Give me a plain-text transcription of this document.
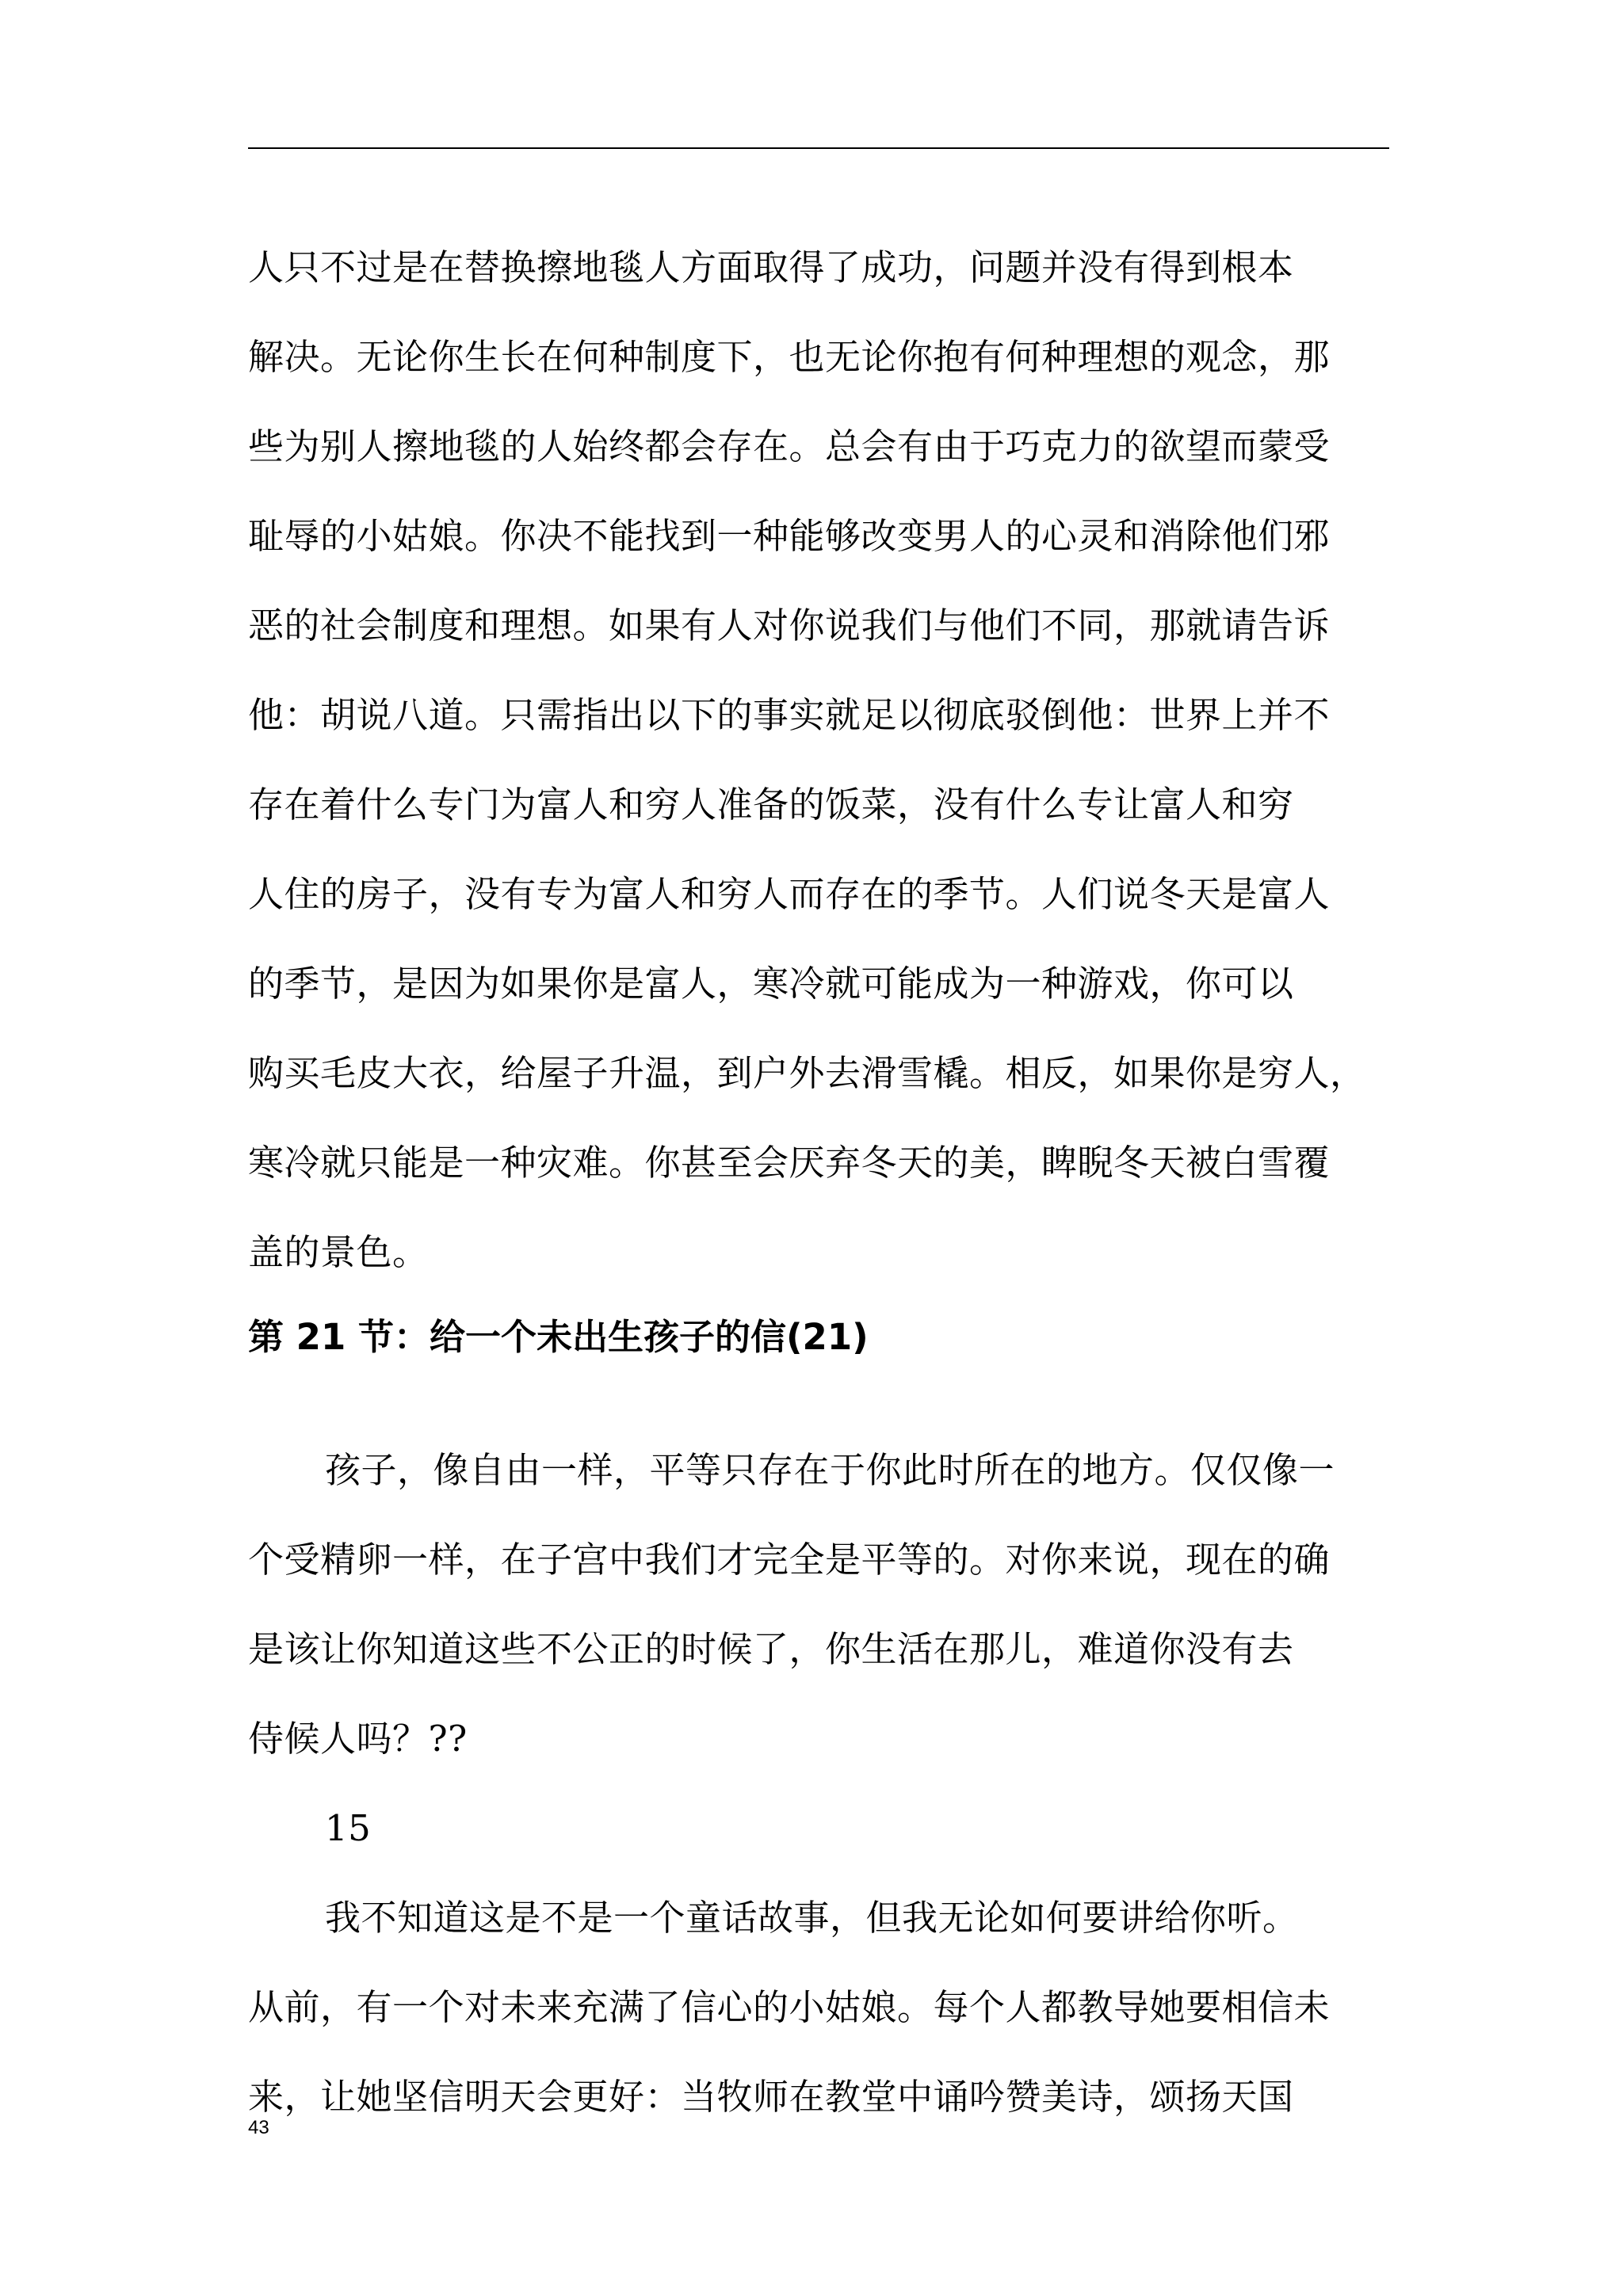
人只不过是在替换擦地毯人方面取得了成功，问题并没有得到根本
解决。无论你生长在何种制度下，也无论你抱有何种理想的观念，那
些为别人擦地毯的人始终都会存在。总会有由于巧克力的欲望而蒙受
耻辱的小姑娘。你决不能找到一种能够改变男人的心灵和消除他们邪
恶的社会制度和理想。如果有人对你说我们与他们不同，那就请告诉
他：胡说八道。只需指出以下的事实就足以彻底驳倒他：世界上并不
存在着什么专门为富人和穷人准备的饭菜，没有什么专让富人和穷
人住的房子，没有专为富人和穷人而存在的季节。人们说冬天是富人
的季节，是因为如果你是富人，寒冷就可能成为一种游戏，你可以
购买毛皮大衣，给屋子升温，到户外去滑雪橇。相反，如果你是穷人，
寒冷就只能是一种灾难。你甚至会厌弃冬天的美，睥睨冬天被白雪覆
盖的景色。
第 21 节：给一个未出生孩子的信(21)
孩子，像自由一样，平等只存在于你此时所在的地方。仅仅像一
个受精卵一样，在子宫中我们才完全是平等的。对你来说，现在的确
是该让你知道这些不公正的时候了，你生活在那儿，难道你没有去
侍候人吗？??
15
我不知道这是不是一个童话故事，但我无论如何要讲给你听。
从前，有一个对未来充满了信心的小姑娘。每个人都教导她要相信未
来，让她坚信明天会更好：当牧师在教堂中诵吟赞美诗，颂扬天国
43
